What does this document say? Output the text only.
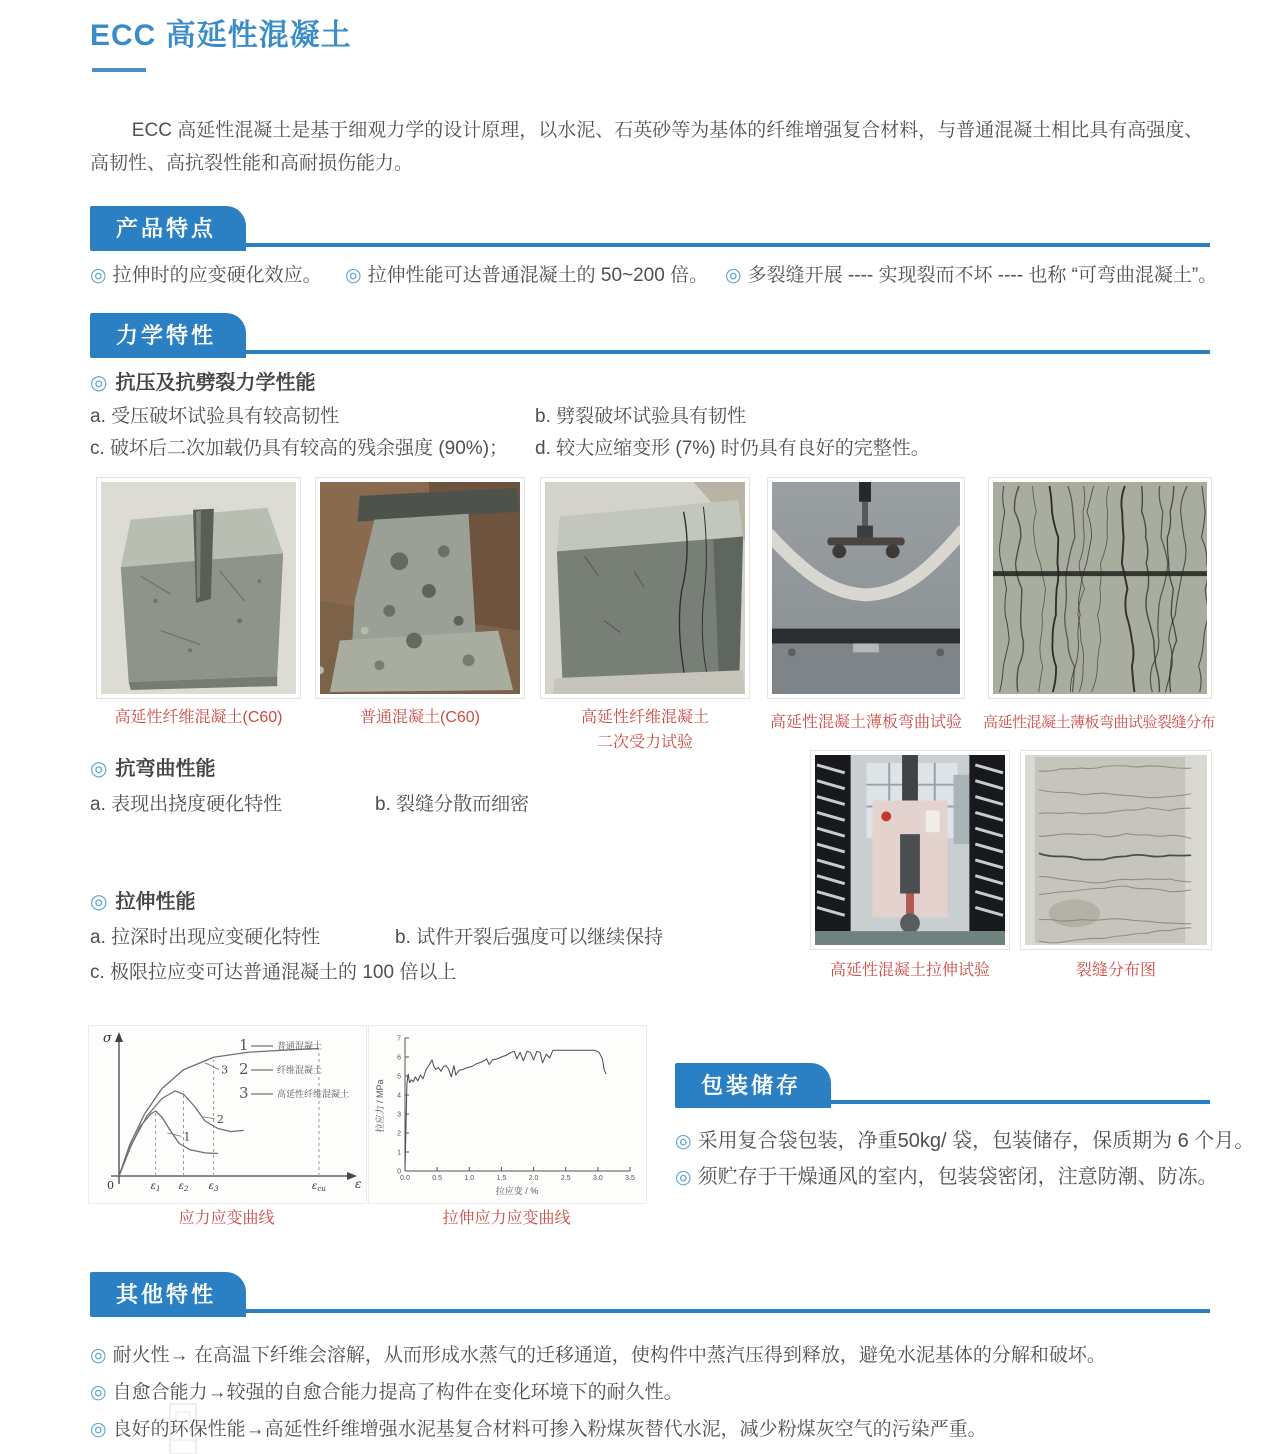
ECC 高延性混凝土
ECC 高延性混凝土是基于细观力学的设计原理，以水泥、石英砂等为基体的纤维增强复合材料，与普通混凝土相比具有高强度、高韧性、高抗裂性能和高耐损伤能力。
产品特点
◎ 拉伸时的应变硬化效应。 ◎ 拉伸性能可达普通混凝土的 50~200 倍。 ◎ 多裂缝开展 ---- 实现裂而不坏 ---- 也称 “可弯曲混凝土”。
力学特性
◎ 抗压及抗劈裂力学性能
a. 受压破坏试验具有较高韧性	b. 劈裂破坏试验具有韧性
c. 破坏后二次加载仍具有较高的残余强度 (90%)； d. 较大应缩变形 (7%) 时仍具有良好的完整性。
高延性纤维混凝土(C60)	普通混凝土(C60)	高延性纤维混凝土
二次受力试验
高延性混凝土薄板弯曲试验 高延性混凝土薄板弯曲试验裂缝分布
◎ 抗弯曲性能
a. 表现出挠度硬化特性	b. 裂缝分散而细密
◎ 拉伸性能
a. 拉深时出现应变硬化特性	b. 试件开裂后强度可以继续保持
c. 极限拉应变可达普通混凝土的 100 倍以上	高延性混凝土拉伸试验	裂缝分布图
σ
ε
0	$\varepsilon_1$ $\varepsilon_2$ $\varepsilon_3$	$\varepsilon_{cu}$
1
2
3
1	普通混凝土
2	纤维混凝土
3	高延性纤维混凝土
应力应变曲线
0.0	0.5	1.0	1.5	2.0	2.5	3.0	3.5
0
1
2
3
4
5
6
7
拉应变 / %
拉应力 / MPa
拉伸应力应变曲线
包装储存
◎ 采用复合袋包装，净重50kg/ 袋，包装储存，保质期为 6 个月。
◎ 须贮存于干燥通风的室内，包装袋密闭，注意防潮、防冻。
其他特性
◎ 耐火性→ 在高温下纤维会溶解，从而形成水蒸气的迁移通道，使构件中蒸汽压得到释放，避免水泥基体的分解和破坏。
◎ 自愈合能力→较强的自愈合能力提高了构件在变化环境下的耐久性。
◎ 良好的环保性能→高延性纤维增强水泥基复合材料可掺入粉煤灰替代水泥，减少粉煤灰空气的污染严重。
